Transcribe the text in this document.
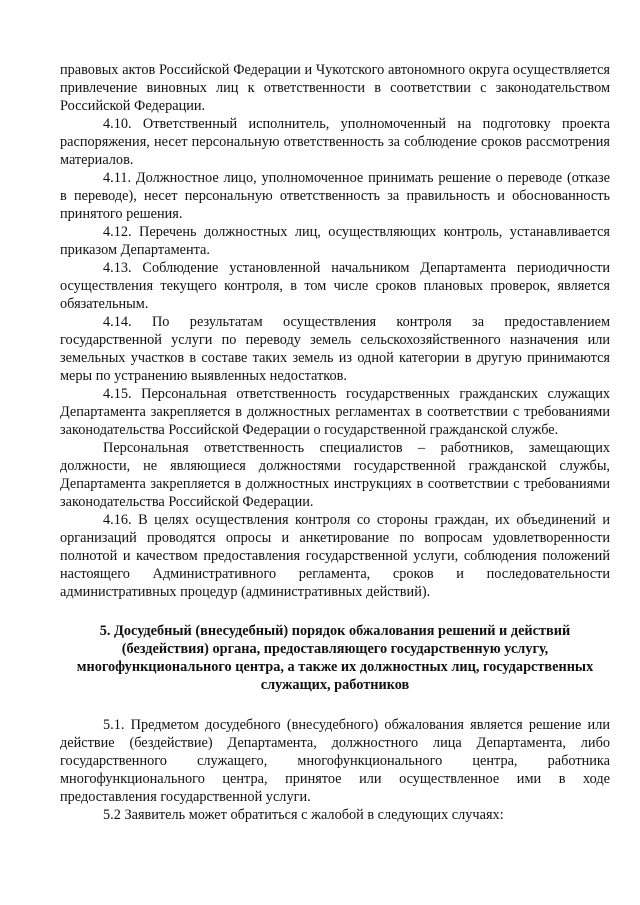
правовых актов Российской Федерации и Чукотского автономного округа осуществляется привлечение виновных лиц к ответственности в соответствии с законодательством Российской Федерации.

4.10. Ответственный исполнитель, уполномоченный на подготовку проекта распоряжения, несет персональную ответственность за соблюдение сроков рассмотрения материалов.

4.11. Должностное лицо, уполномоченное принимать решение о переводе (отказе в переводе), несет персональную ответственность за правильность и обоснованность принятого решения.

4.12. Перечень должностных лиц, осуществляющих контроль, устанавливается приказом Департамента.

4.13. Соблюдение установленной начальником Департамента периодичности осуществления текущего контроля, в том числе сроков плановых проверок, является обязательным.

4.14. По результатам осуществления контроля за предоставлением государственной услуги по переводу земель сельскохозяйственного назначения или земельных участков в составе таких земель из одной категории в другую принимаются меры по устранению выявленных недостатков.

4.15. Персональная ответственность государственных гражданских служащих Департамента закрепляется в должностных регламентах в соответствии с требованиями законодательства Российской Федерации о государственной гражданской службе.

Персональная ответственность специалистов – работников, замещающих должности, не являющиеся должностями государственной гражданской службы, Департамента закрепляется в должностных инструкциях в соответствии с требованиями законодательства Российской Федерации.

4.16. В целях осуществления контроля со стороны граждан, их объединений и организаций проводятся опросы и анкетирование по вопросам удовлетворенности полнотой и качеством предоставления государственной услуги, соблюдения положений настоящего Административного регламента, сроков и последовательности административных процедур (административных действий).

5. Досудебный (внесудебный) порядок обжалования решений и действий (бездействия) органа, предоставляющего государственную услугу, многофункционального центра, а также их должностных лиц, государственных служащих, работников

5.1. Предметом досудебного (внесудебного) обжалования является решение или действие (бездействие) Департамента, должностного лица Департамента, либо государственного служащего, многофункционального центра, работника многофункционального центра, принятое или осуществленное ими в ходе предоставления государственной услуги.

5.2 Заявитель может обратиться с жалобой в следующих случаях:
